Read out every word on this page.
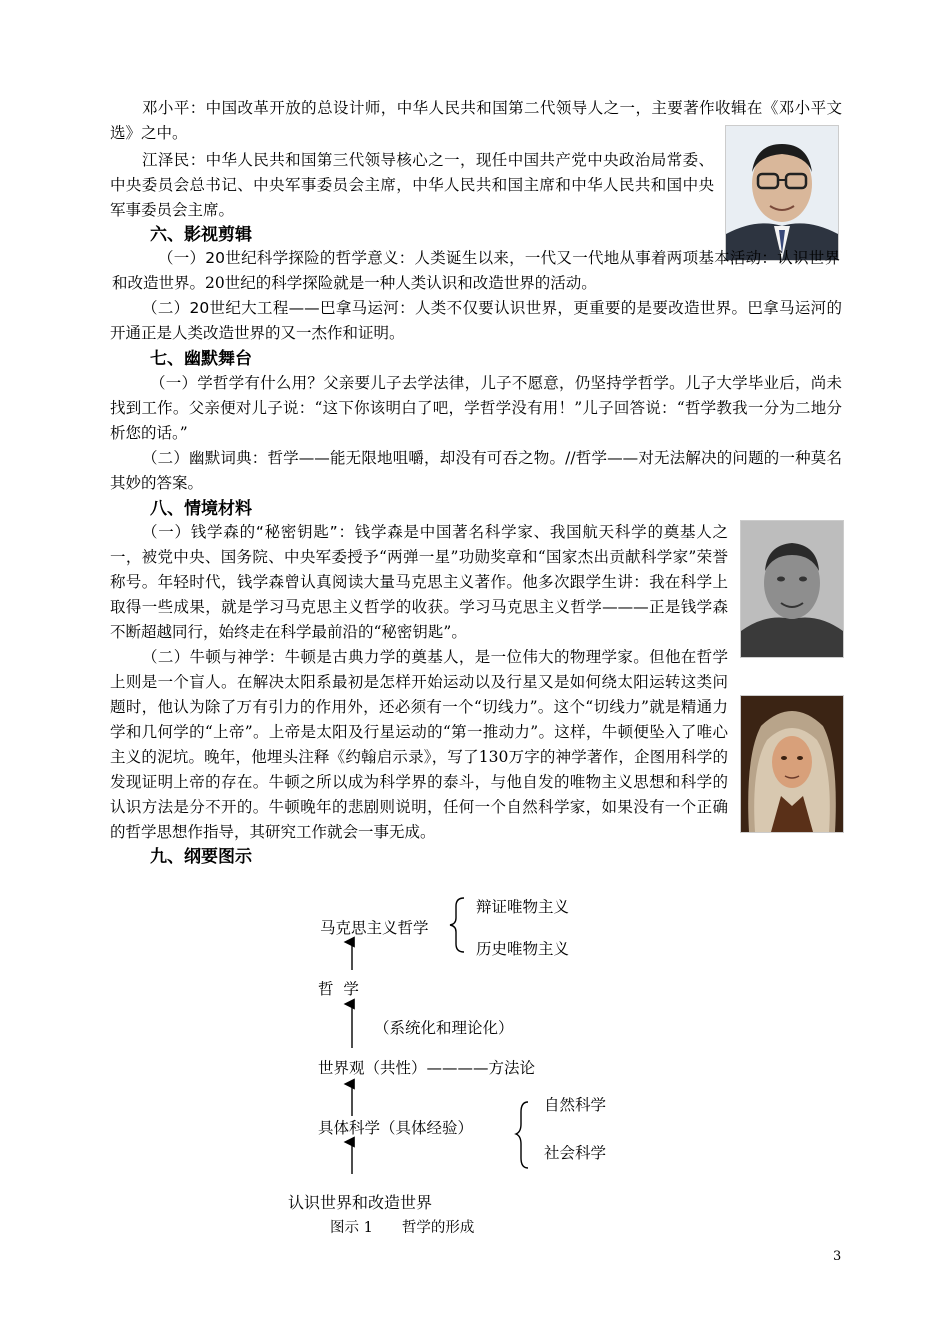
邓小平：中国改革开放的总设计师，中华人民共和国第二代领导人之一，主要著作收辑在《邓小平文选》之中。

江泽民：中华人民共和国第三代领导核心之一，现任中国共产党中央政治局常委、中央委员会总书记、中央军事委员会主席，中华人民共和国主席和中华人民共和国中央军事委员会主席。

六、影视剪辑

（一）20世纪科学探险的哲学意义：人类诞生以来，一代又一代地从事着两项基本活动：认识世界和改造世界。20世纪的科学探险就是一种人类认识和改造世界的活动。

（二）20世纪大工程——巴拿马运河：人类不仅要认识世界，更重要的是要改造世界。巴拿马运河的开通正是人类改造世界的又一杰作和证明。

七、幽默舞台

（一）学哲学有什么用？父亲要儿子去学法律，儿子不愿意，仍坚持学哲学。儿子大学毕业后，尚未找到工作。父亲便对儿子说：“这下你该明白了吧，学哲学没有用！”儿子回答说：“哲学教我一分为二地分析您的话。”

（二）幽默词典：哲学——能无限地咀嚼，却没有可吞之物。//哲学——对无法解决的问题的一种莫名其妙的答案。

八、情境材料

（一）钱学森的“秘密钥匙”：钱学森是中国著名科学家、我国航天科学的奠基人之一，被党中央、国务院、中央军委授予“两弹一星”功勋奖章和“国家杰出贡献科学家”荣誉称号。年轻时代，钱学森曾认真阅读大量马克思主义著作。他多次跟学生讲：我在科学上取得一些成果，就是学习马克思主义哲学的收获。学习马克思主义哲学———正是钱学森不断超越同行，始终走在科学最前沿的“秘密钥匙”。

（二）牛顿与神学：牛顿是古典力学的奠基人，是一位伟大的物理学家。但他在哲学上则是一个盲人。在解决太阳系最初是怎样开始运动以及行星又是如何绕太阳运转这类问题时，他认为除了万有引力的作用外，还必须有一个“切线力”。这个“切线力”就是精通力学和几何学的“上帝”。上帝是太阳及行星运动的“第一推动力”。这样，牛顿便坠入了唯心主义的泥坑。晚年，他埋头注释《约翰启示录》，写了130万字的神学著作，企图用科学的发现证明上帝的存在。牛顿之所以成为科学界的泰斗，与他自发的唯物主义思想和科学的认识方法是分不开的。牛顿晚年的悲剧则说明，任何一个自然科学家，如果没有一个正确的哲学思想作指导，其研究工作就会一事无成。

九、纲要图示
马克思主义哲学
辩证唯物主义
历史唯物主义
哲  学
（系统化和理论化）
世界观（共性）————方法论
自然科学
具体科学（具体经验）
社会科学
认识世界和改造世界
图示 1　　哲学的形成
3
